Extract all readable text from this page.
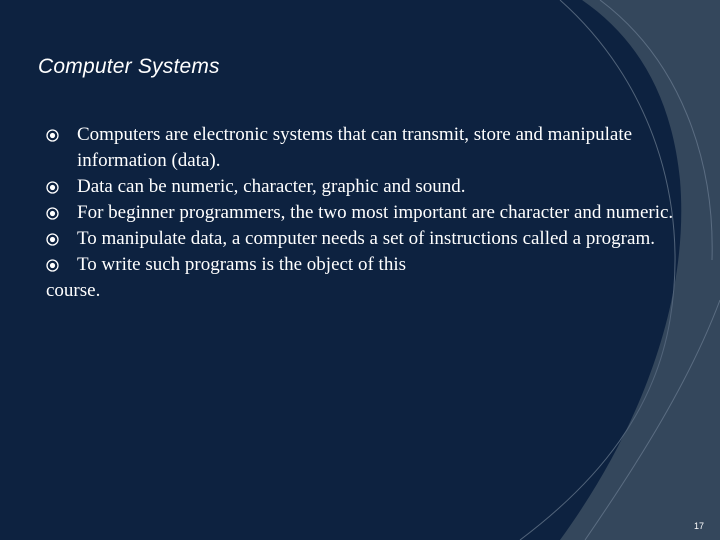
Computer Systems
Computers are electronic systems that can transmit, store and manipulate information (data).
Data can be numeric, character, graphic and sound.
For beginner programmers, the two most important are character and numeric.
To manipulate data, a computer needs a set of instructions called a program.
To write such programs is the object of this
course.
17
